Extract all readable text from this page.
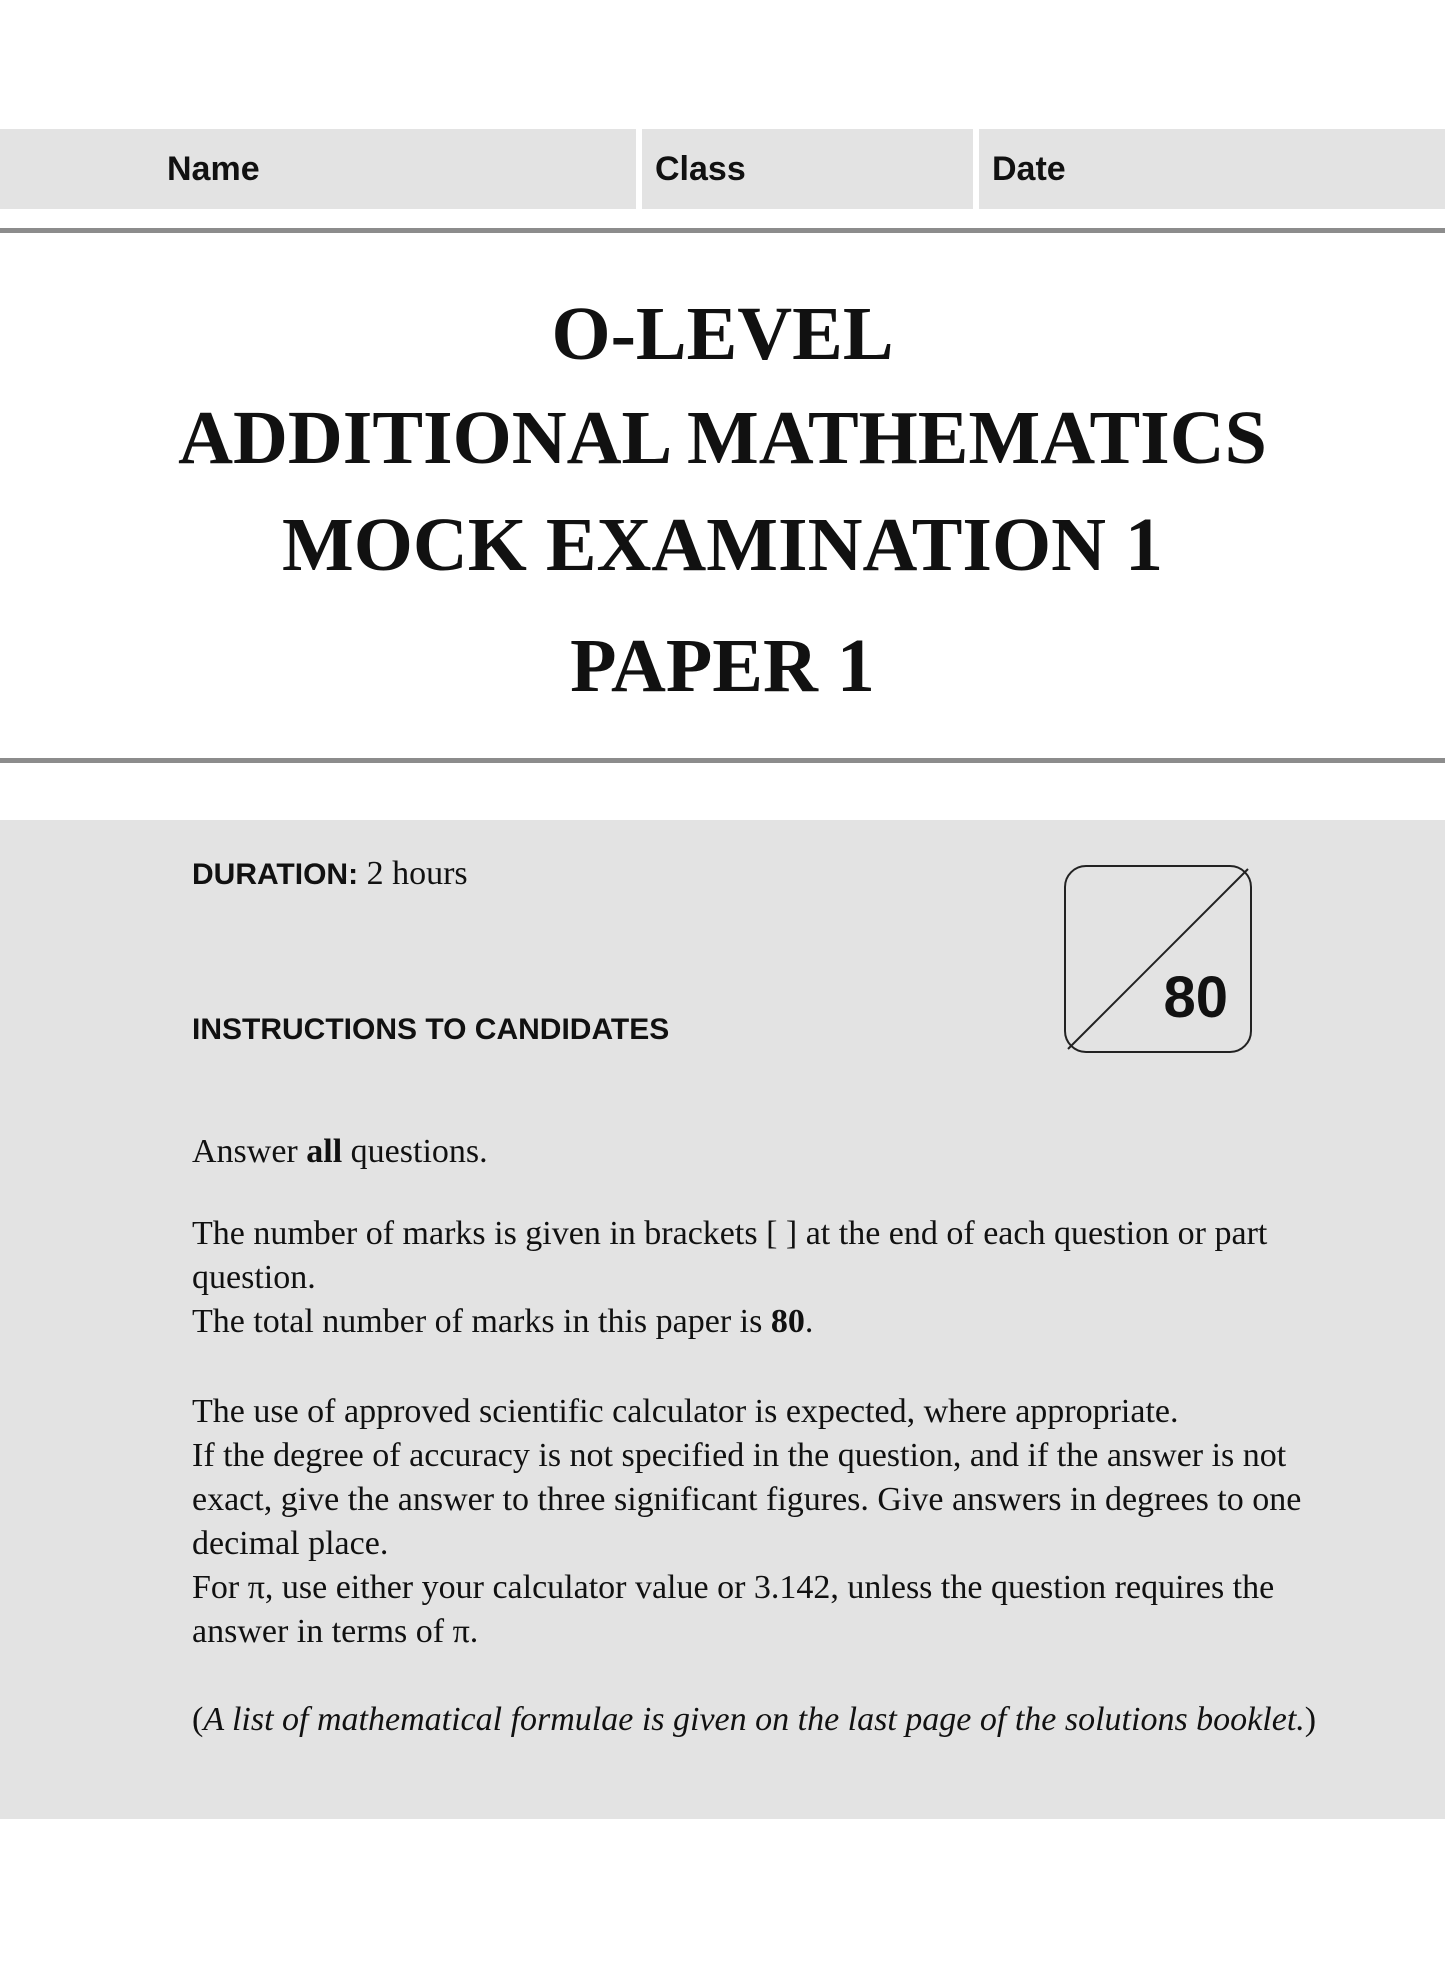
Name	Class	Date
O-LEVEL
ADDITIONAL MATHEMATICS
MOCK EXAMINATION 1
PAPER 1
DURATION: 2 hours
INSTRUCTIONS TO CANDIDATES	80
Answer all questions.
The number of marks is given in brackets [ ] at the end of each question or part question.
The total number of marks in this paper is 80.
The use of approved scientific calculator is expected, where appropriate.
If the degree of accuracy is not specified in the question, and if the answer is not exact, give the answer to three significant figures. Give answers in degrees to one decimal place.
For π, use either your calculator value or 3.142, unless the question requires the answer in terms of π.
(A list of mathematical formulae is given on the last page of the solutions booklet.)
